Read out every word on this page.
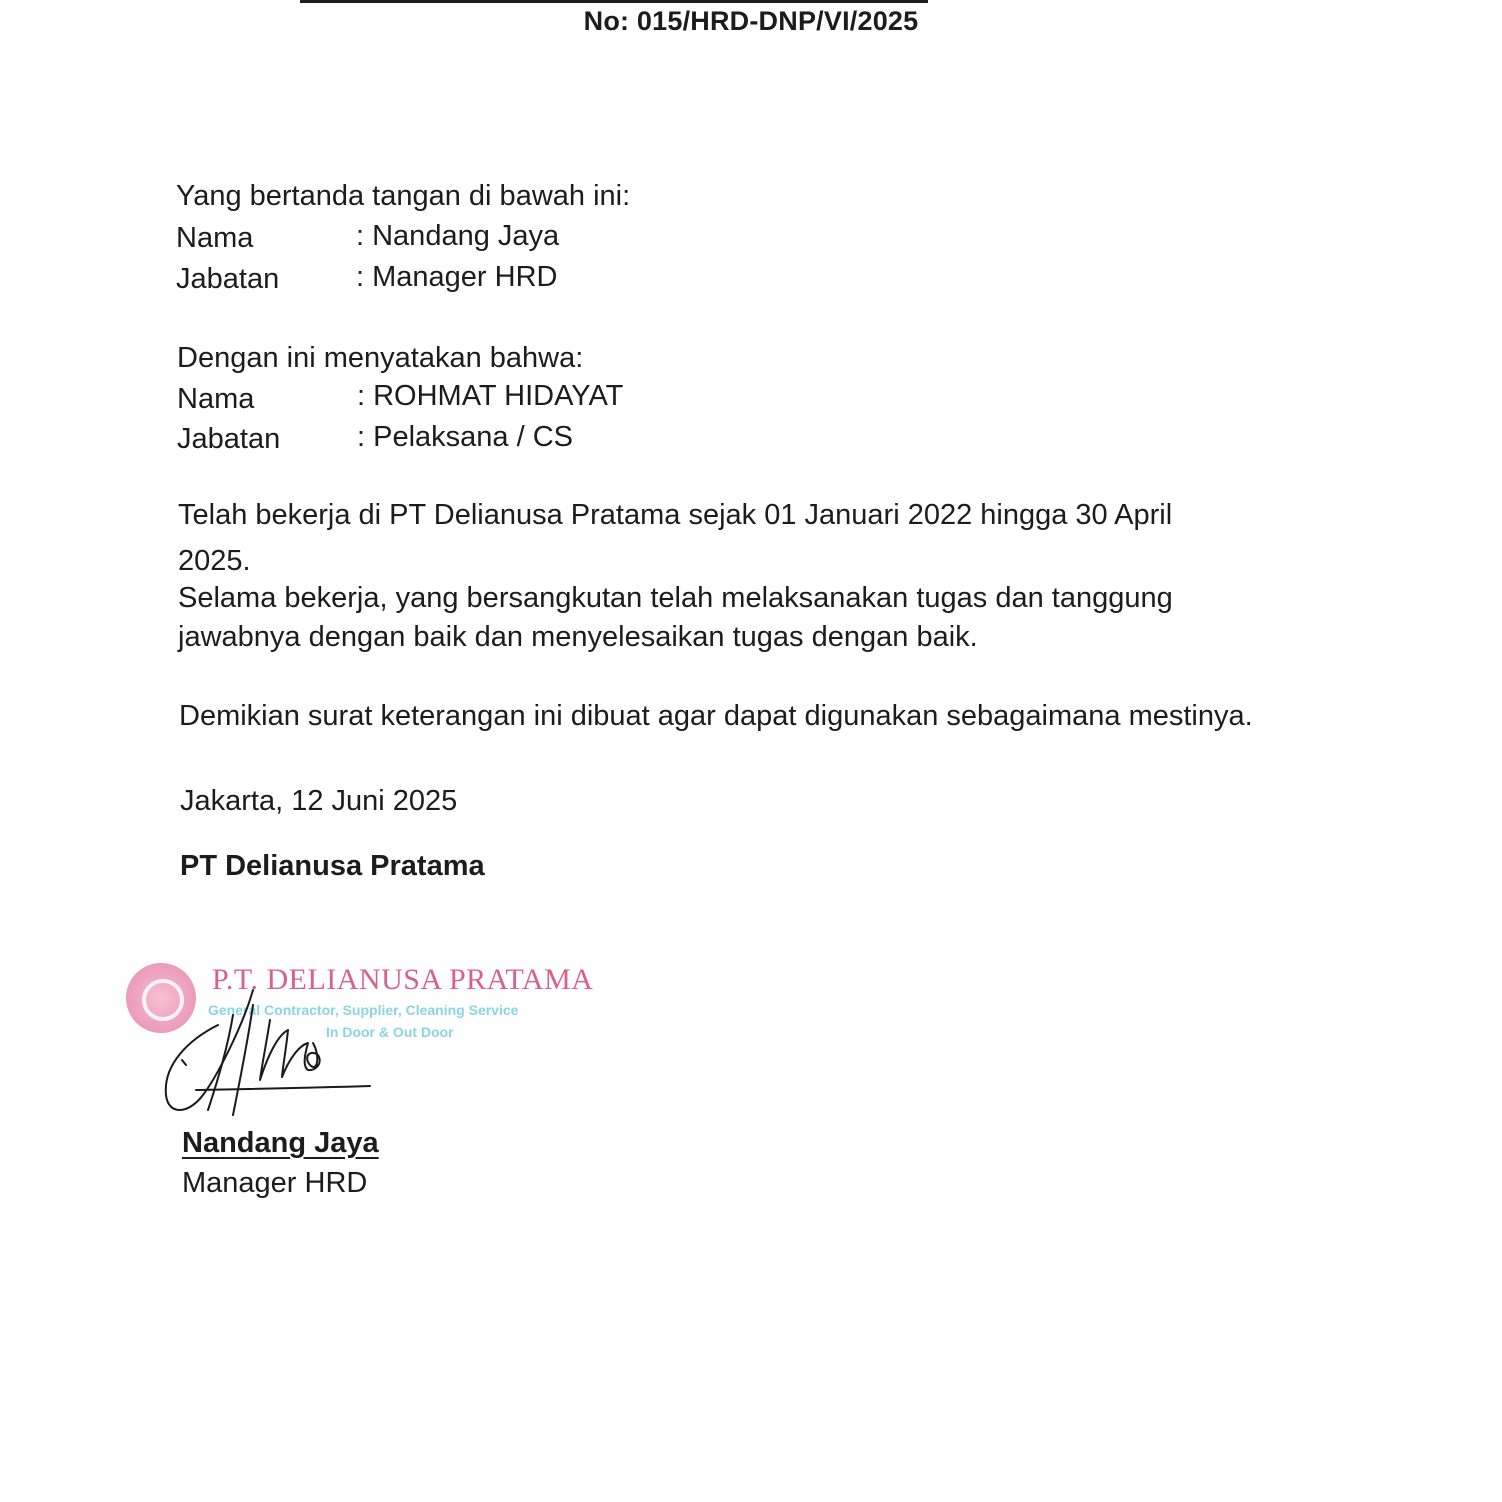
No: 015/HRD-DNP/VI/2025
Yang bertanda tangan di bawah ini:
Nama	: Nandang Jaya
Jabatan	: Manager HRD
Dengan ini menyatakan bahwa:
Nama	: ROHMAT HIDAYAT
Jabatan	: Pelaksana / CS
Telah bekerja di PT Delianusa Pratama sejak 01 Januari 2022 hingga 30 April
2025.
Selama bekerja, yang bersangkutan telah melaksanakan tugas dan tanggung
jawabnya dengan baik dan menyelesaikan tugas dengan baik.
Demikian surat keterangan ini dibuat agar dapat digunakan sebagaimana mestinya.
Jakarta, 12 Juni 2025
PT Delianusa Pratama
P.T. DELIANUSA PRATAMA
General Contractor, Supplier, Cleaning Service
In Door & Out Door
Nandang Jaya
Manager HRD
